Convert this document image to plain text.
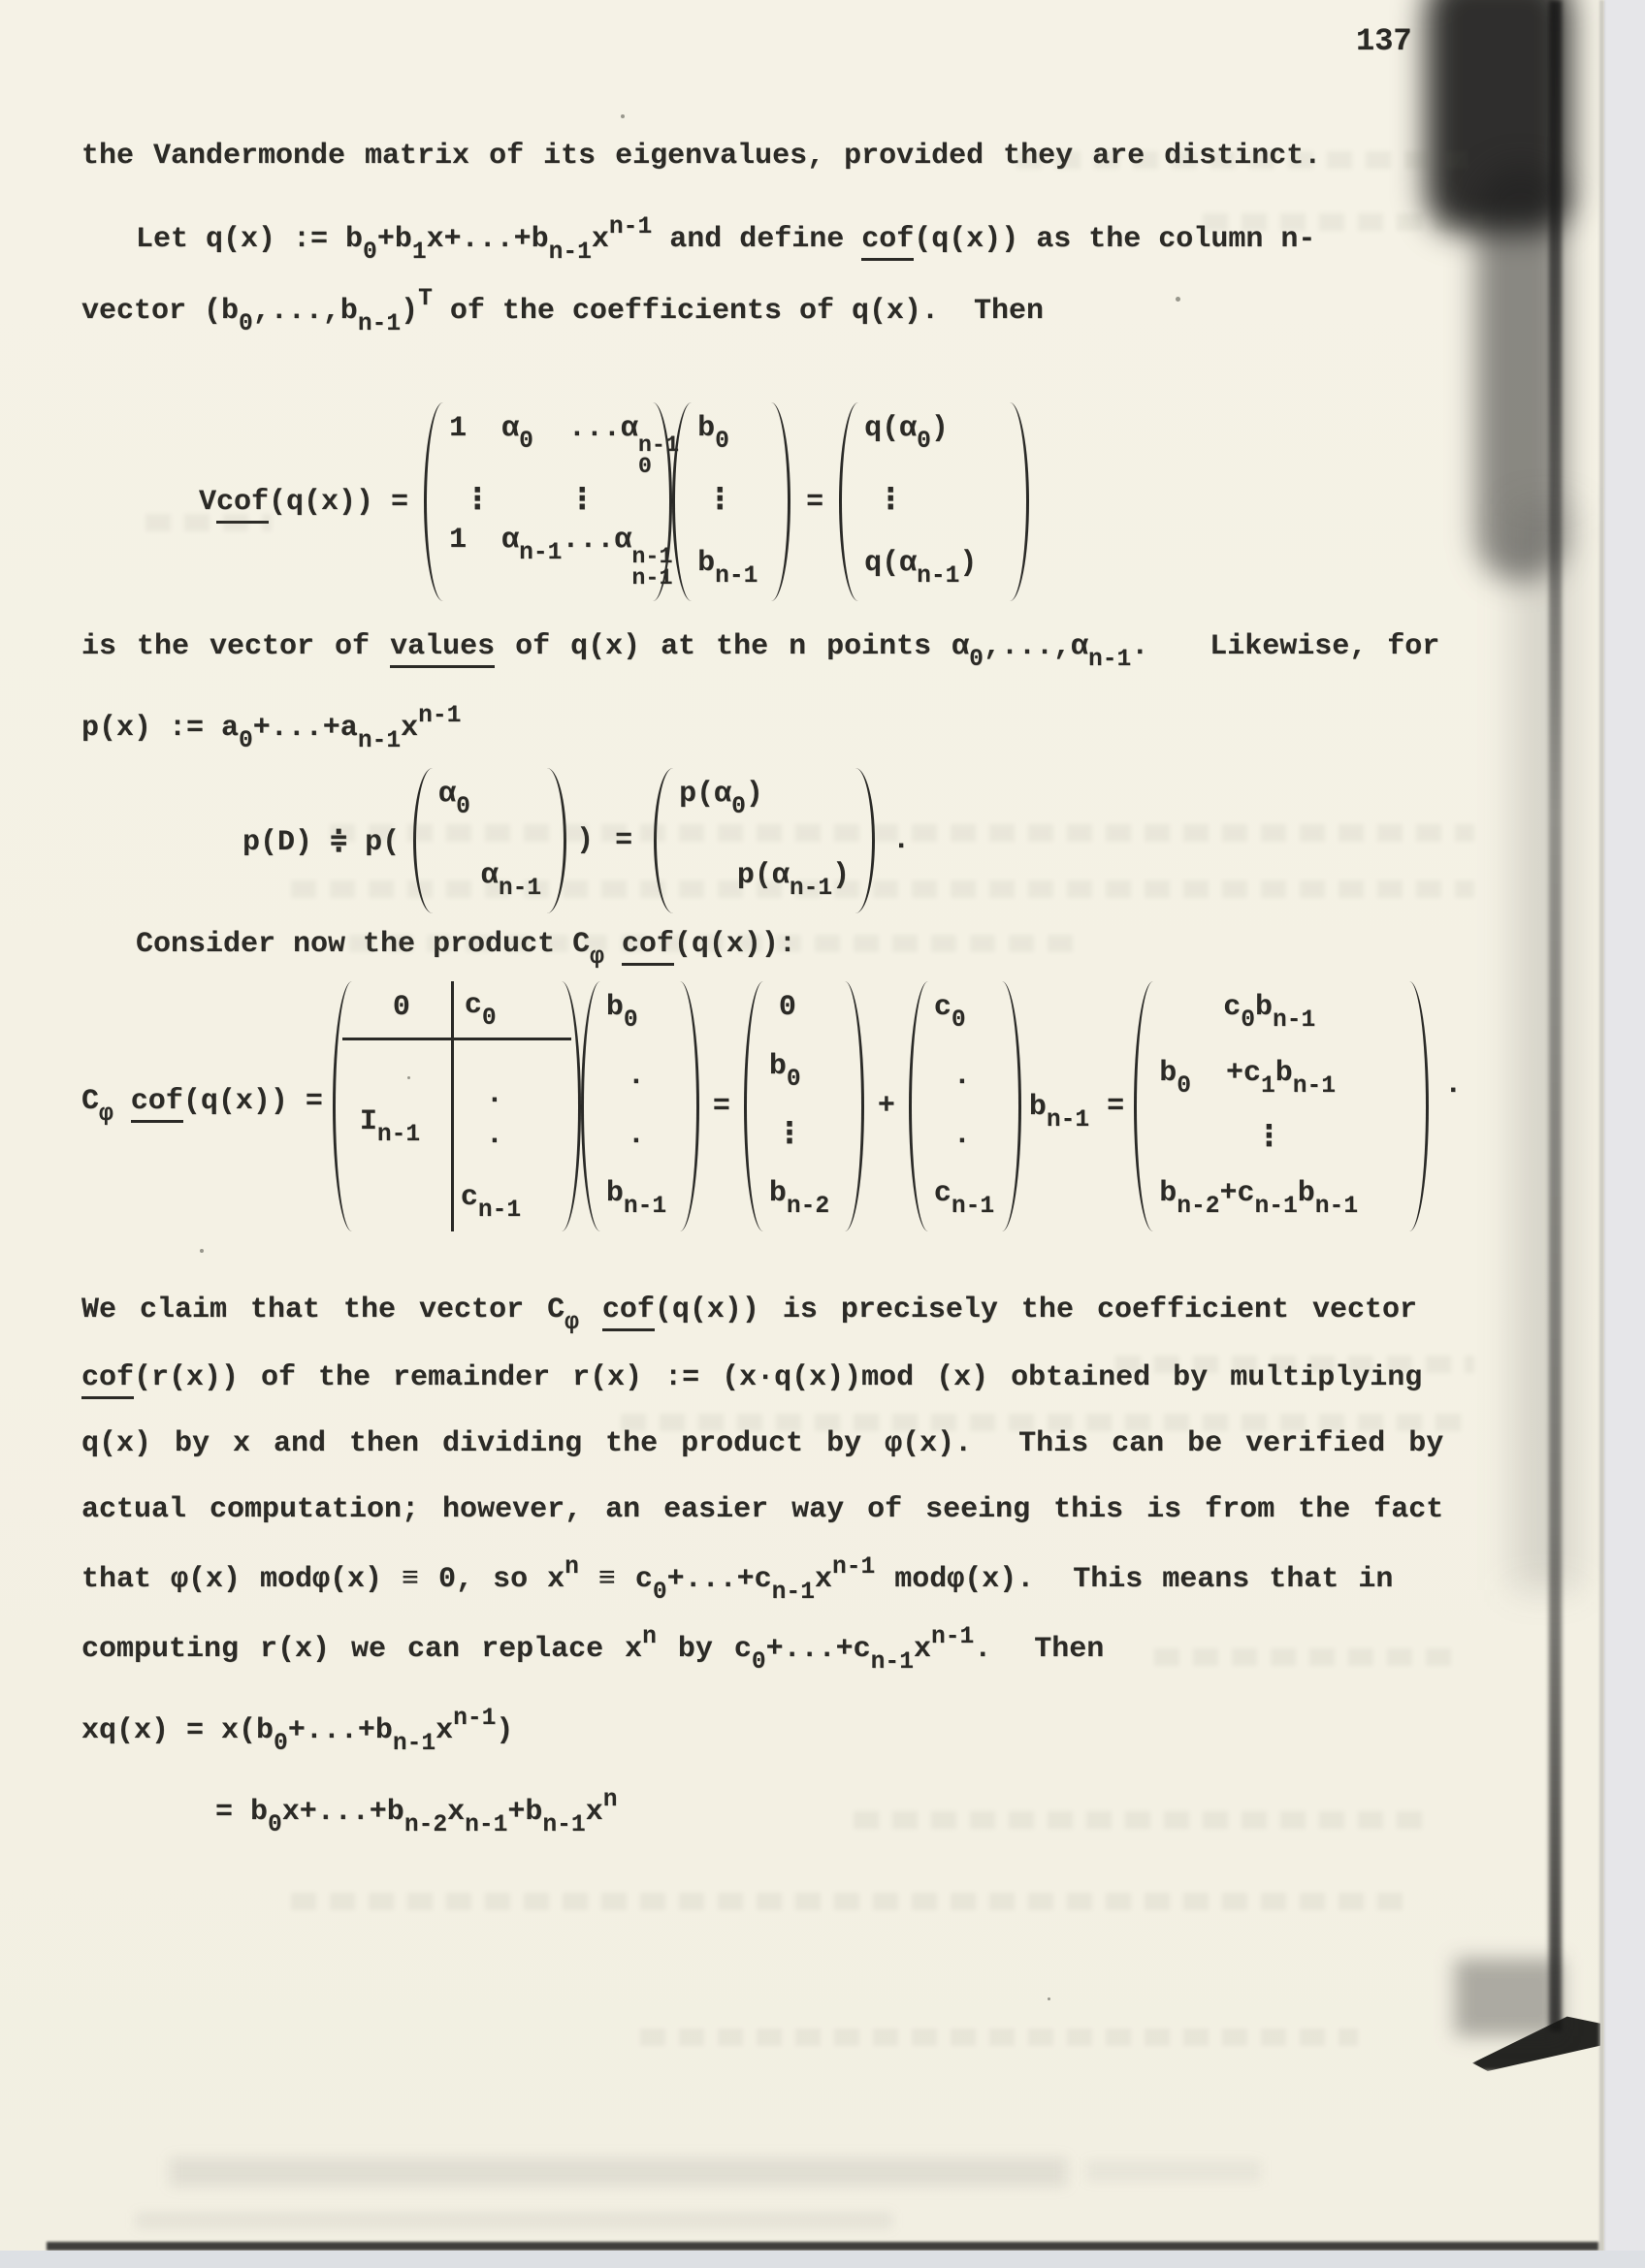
137
the Vandermonde matrix of its eigenvalues, provided they are distinct.
Let q(x) := $b_0+b_1x+...+b_{n-1}x^{n-1}$ and define cof(q(x)) as the column n-
vector $(b_0,...,b_{n-1})^T$ of the coefficients of q(x).  Then
Vcof(q(x)) =
1  $\alpha_0$  ...α
n-1
0
⋮	⋮
1  $\alpha_{n-1}...\alpha$
n-1
n-1
$b_0$
⋮
$b_{n-1}$
=
$q(\alpha_0)$
⋮
$q(\alpha_{n-1})$
is the vector of values of q(x) at the n points $\alpha_0,...,\alpha_{n-1}$.   Likewise, for
p(x) := $a_0+...+a_{n-1}x^{n-1}$
p(D) ≑ p(
$\alpha_0$
$\alpha_{n-1}$
) =
$p(\alpha_0)$
$p(\alpha_{n-1})$
.
Consider now the product $C_\varphi$ cof(q(x)):
$C_\varphi$ cof(q(x)) =
0 $c_0$
.
.
$c_{n-1}$
$I_{n-1}$
$b_0$
.
.
$b_{n-1}$
=
0
$b_0$
⋮
$b_{n-2}$
+
$c_0$
.
.
$c_{n-1}$
$b_{n-1}$ =
$c_0b_{n-1}$
$b_0 +c_1b_{n-1}$
⋮
$b_{n-2}+c_{n-1}b_{n-1}$
.
We claim that the vector $C_\varphi$ cof(q(x)) is precisely the coefficient vector
cof(r(x)) of the remainder r(x) := (x·q(x))mod (x) obtained by multiplying
q(x) by x and then dividing the product by φ(x).  This can be verified by
actual computation; however, an easier way of seeing this is from the fact
that φ(x) modφ(x) ≡ 0, so $x^n \equiv c_0+...+c_{n-1}x^{n-1}$ modφ(x).  This means that in
computing r(x) we can replace $x^n$ by $c_0+...+c_{n-1}x^{n-1}$.  Then
$xq(x) = x(b_0+...+b_{n-1}x^{n-1})$
= $b_0x+...+b_{n-2}x_{n-1}+b_{n-1}x^n$
